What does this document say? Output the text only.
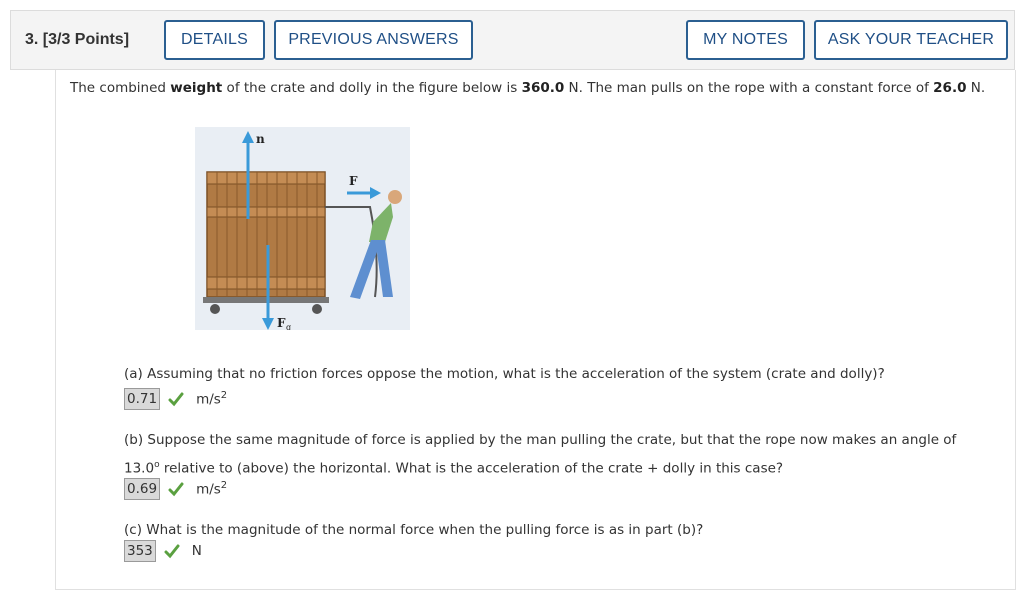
3. [3/3 Points]	DETAILS	PREVIOUS ANSWERS	MY NOTES	ASK YOUR TEACHER
The combined weight of the crate and dolly in the figure below is 360.0 N. The man pulls on the rope with a constant force of 26.0 N.
n
F
F g
(a) Assuming that no friction forces oppose the motion, what is the acceleration of the system (crate and dolly)?
0.71	$m/s^2$
(b) Suppose the same magnitude of force is applied by the man pulling the crate, but that the rope now makes an angle of
13.0$^o$ relative to (above) the horizontal. What is the acceleration of the crate + dolly in this case?
0.69	$m/s^2$
(c) What is the magnitude of the normal force when the pulling force is as in part (b)?
353	N
